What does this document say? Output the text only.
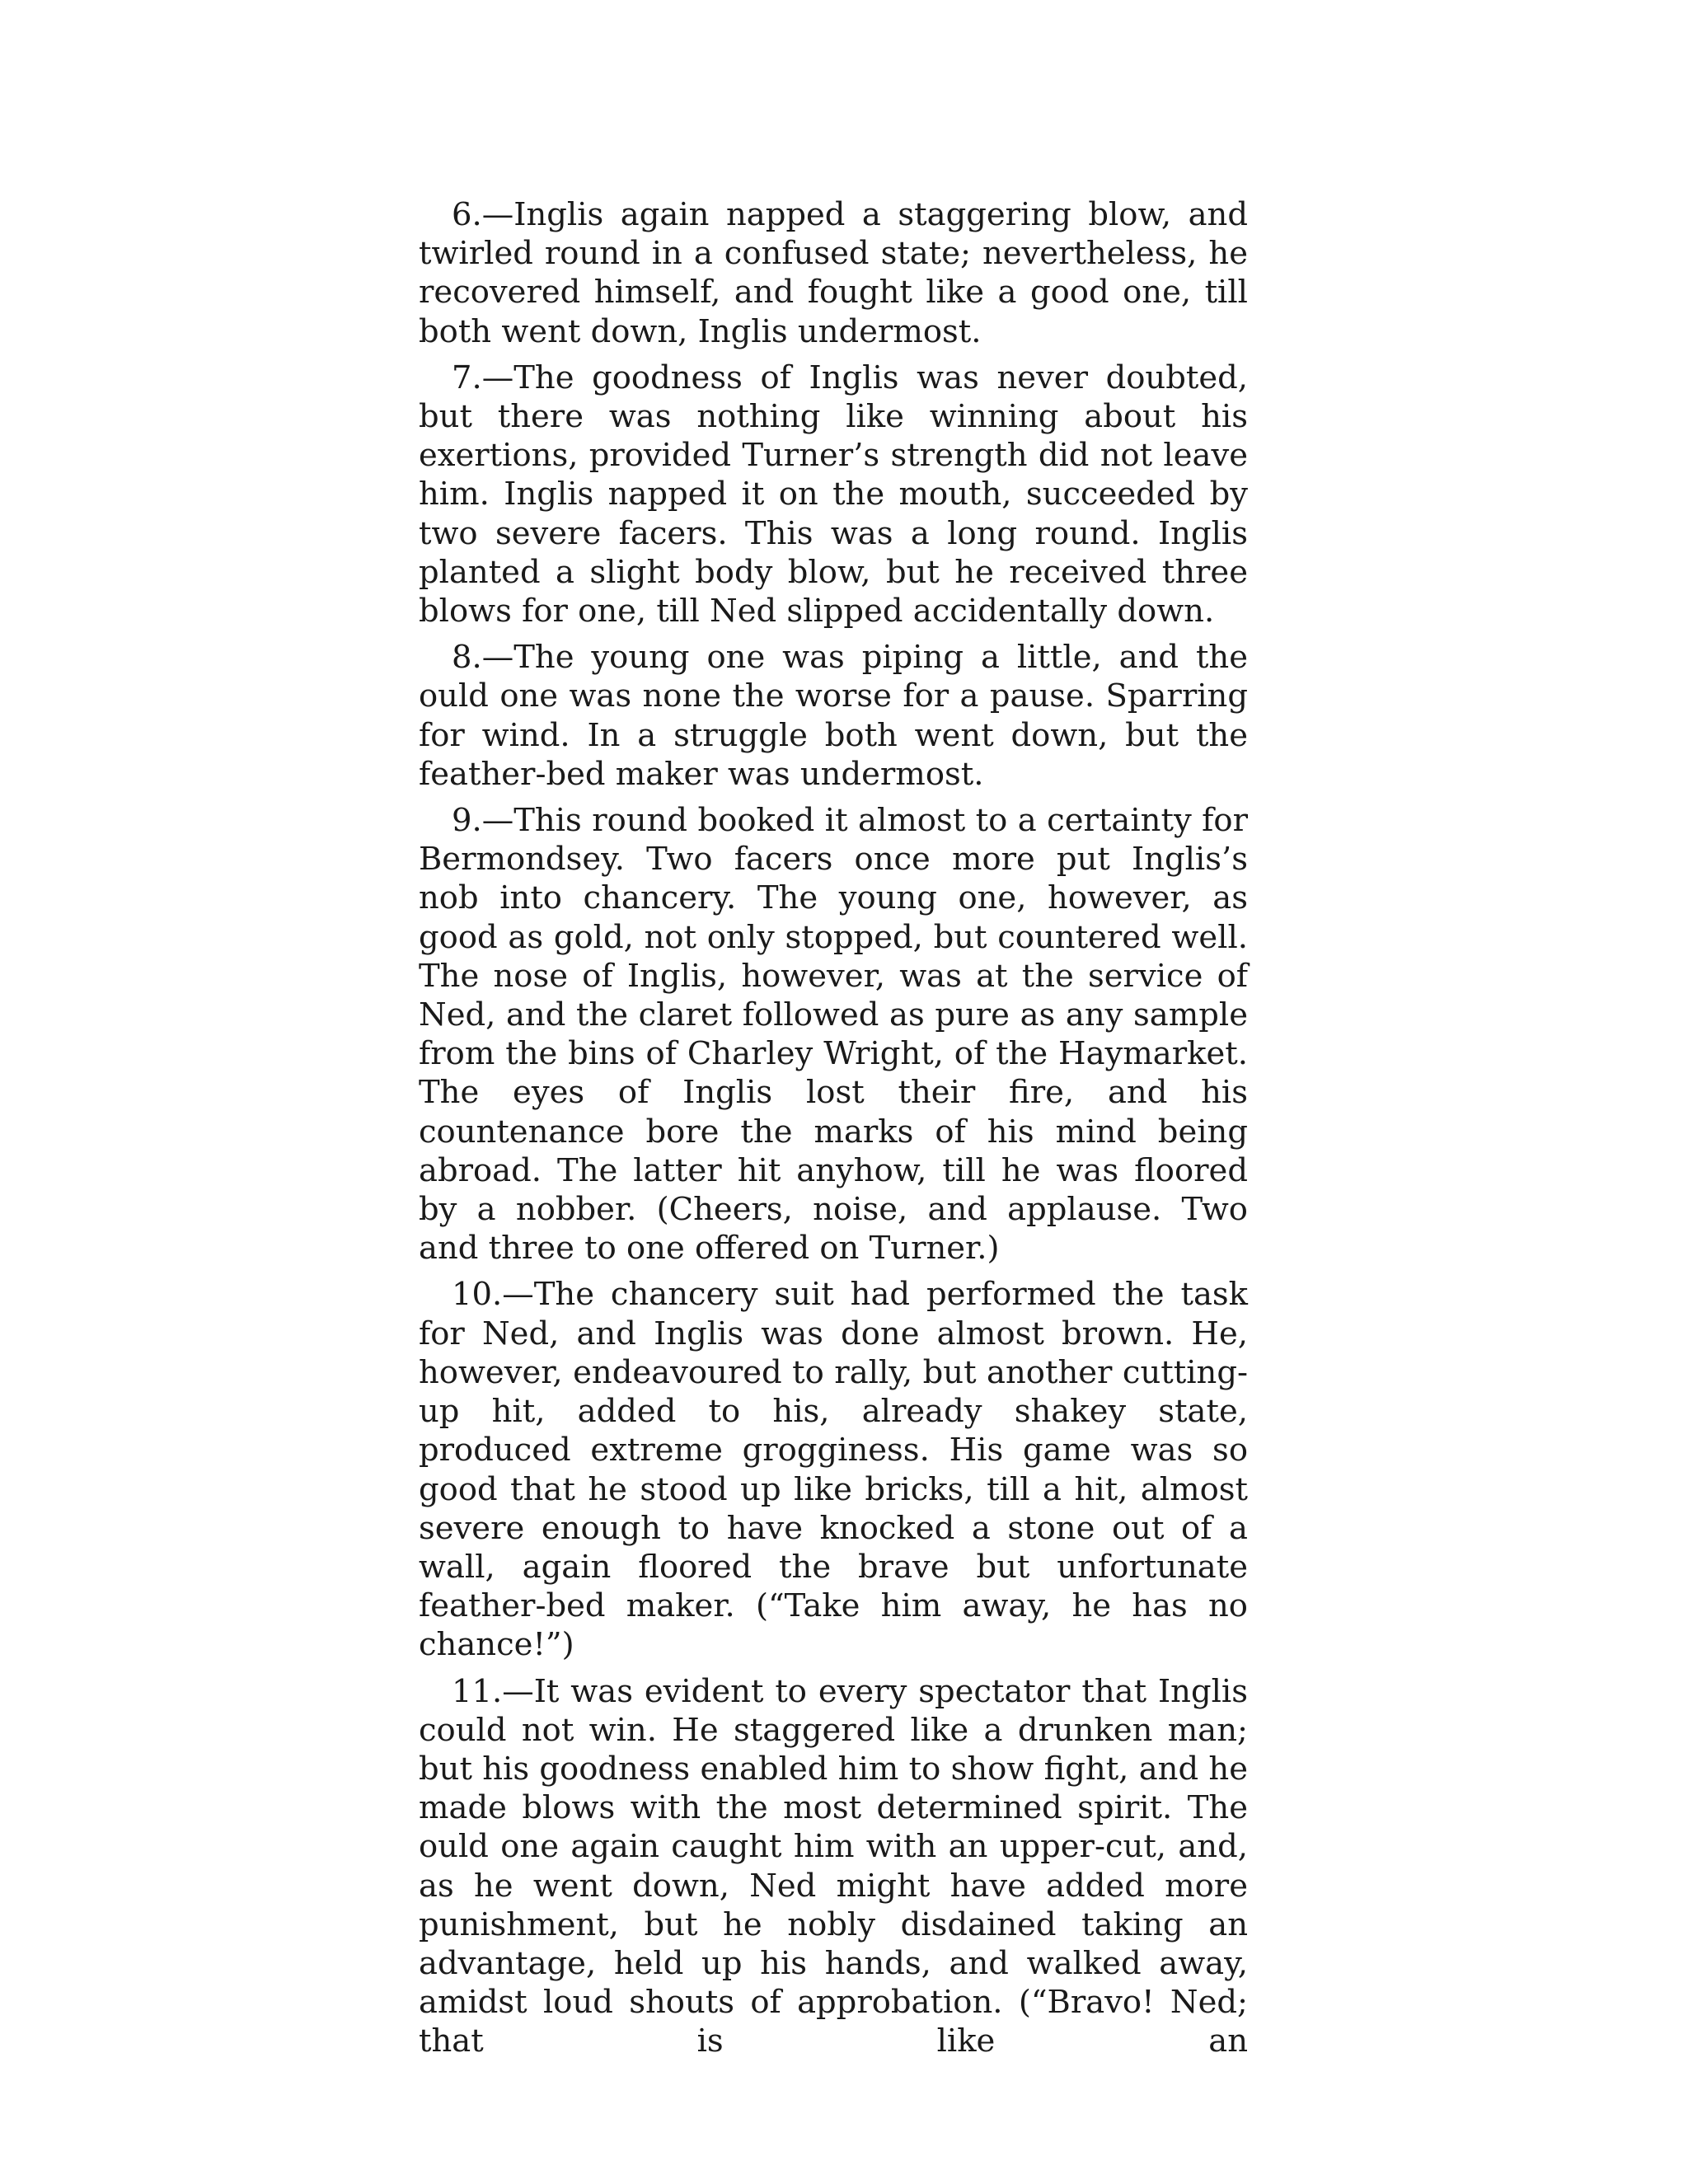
6.—Inglis again napped a staggering blow, and twirled round in a confused state; nevertheless, he recovered himself, and fought like a good one, till both went down, Inglis undermost.

7.—The goodness of Inglis was never doubted, but there was nothing like winning about his exertions, provided Turner’s strength did not leave him. Inglis napped it on the mouth, succeeded by two severe facers. This was a long round. Inglis planted a slight body blow, but he received three blows for one, till Ned slipped accidentally down.

8.—The young one was piping a little, and the ould one was none the worse for a pause. Sparring for wind. In a struggle both went down, but the feather-bed maker was undermost.

9.—This round booked it almost to a certainty for Bermondsey. Two facers once more put Inglis’s nob into chancery. The young one, however, as good as gold, not only stopped, but countered well. The nose of Inglis, however, was at the service of Ned, and the claret followed as pure as any sample from the bins of Charley Wright, of the Haymarket. The eyes of Inglis lost their fire, and his countenance bore the marks of his mind being abroad. The latter hit anyhow, till he was floored by a nobber. (Cheers, noise, and applause. Two and three to one offered on Turner.)

10.—The chancery suit had performed the task for Ned, and Inglis was done almost brown. He, however, endeavoured to rally, but another cutting-up hit, added to his, already shakey state, produced extreme grogginess. His game was so good that he stood up like bricks, till a hit, almost severe enough to have knocked a stone out of a wall, again floored the brave but unfortunate feather-bed maker. (“Take him away, he has no chance!”)

11.—It was evident to every spectator that Inglis could not win. He staggered like a drunken man; but his goodness enabled him to show fight, and he made blows with the most determined spirit. The ould one again caught him with an upper-cut, and, as he went down, Ned might have added more punishment, but he nobly disdained taking an advantage, held up his hands, and walked away, amidst loud shouts of approbation. (“Bravo! Ned; that is like an
